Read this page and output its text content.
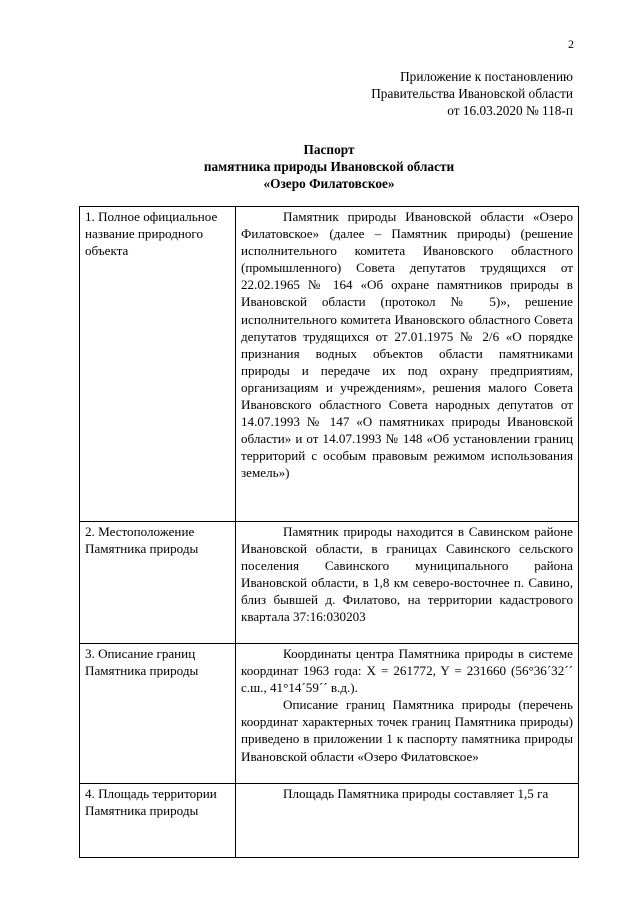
2
Приложение к постановлению
Правительства Ивановской области
от 16.03.2020 № 118-п
Паспорт
памятника природы Ивановской области
«Озеро Филатовское»
1. Полное официальное название природного объекта	Памятник природы Ивановской области «Озеро Филатовское» (далее – Памятник природы) (решение исполнительного комитета Ивановского областного (промышленного) Совета депутатов трудящихся от 22.02.1965 № 164 «Об охране памятников природы в Ивановской области (протокол № 5)», решение исполнительного комитета Ивановского областного Совета депутатов трудящихся от 27.01.1975 № 2/6 «О порядке признания водных объектов области памятниками природы и передаче их под охрану предприятиям, организациям и учреждениям», решения малого Совета Ивановского областного Совета народных депутатов от 14.07.1993 № 147 «О памятниках природы Ивановской области» и от 14.07.1993 № 148 «Об установлении границ территорий с особым правовым режимом использования земель»)

2. Местоположение Памятника природы	Памятник природы находится в Савинском районе Ивановской области, в границах Савинского сельского поселения Савинского муниципального района Ивановской области, в 1,8 км северо-восточнее п. Савино, близ бывшей д. Филатово, на территории кадастрового квартала 37:16:030203

3. Описание границ Памятника природы	Координаты центра Памятника природы в системе координат 1963 года: X = 261772, Y = 231660 (56°36´32´´ с.ш., 41°14´59´´ в.д.).

Описание границ Памятника природы (перечень координат характерных точек границ Памятника природы) приведено в приложении 1 к паспорту памятника природы Ивановской области «Озеро Филатовское»

4. Площадь территории Памятника природы	Площадь Памятника природы составляет 1,5 га
